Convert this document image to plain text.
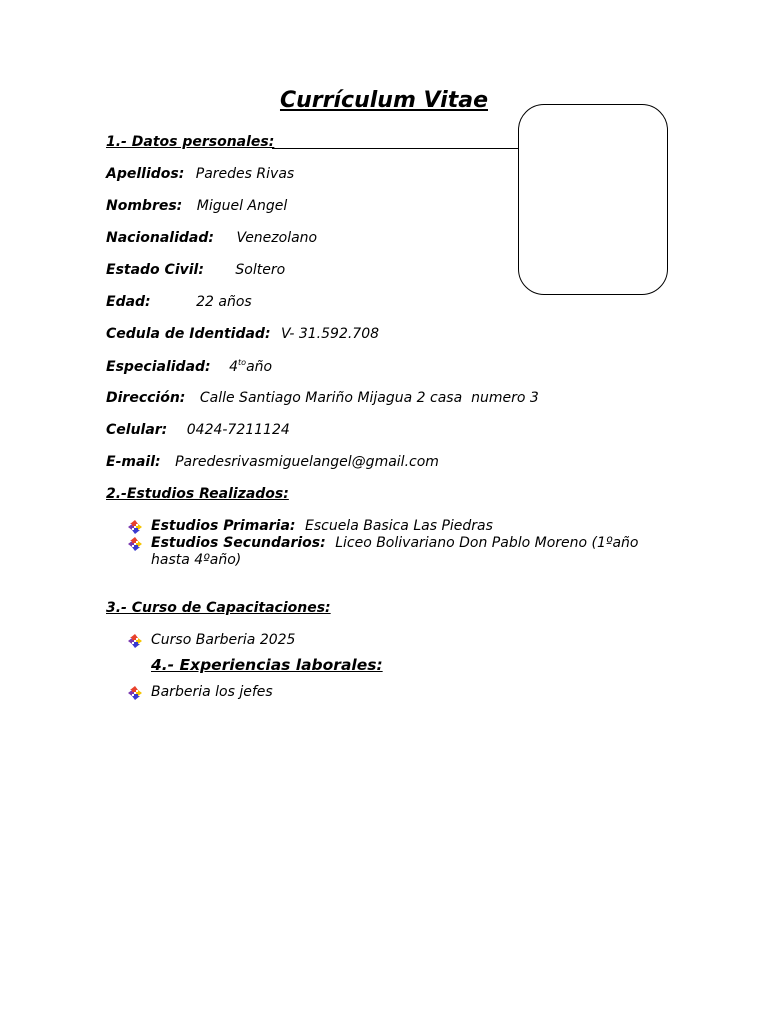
Currículum Vitae

1.- Datos personales:

Apellidos: Paredes Rivas

Nombres: Miguel Angel

Nacionalidad: Venezolano

Estado Civil: Soltero

Edad:	22 años

Cedula de Identidad: V- 31.592.708

Especialidad: $4^{to}año$

Dirección: Calle Santiago Mariño Mijagua 2 casa  numero 3

Celular: 0424-7211124

E-mail: Paredesrivasmiguelangel@gmail.com

2.-Estudios Realizados:

Estudios Primaria: Escuela Basica Las Piedras
Estudios Secundarios: Liceo Bolivariano Don Pablo Moreno (1ºaño hasta 4ºaño)

3.- Curso de Capacitaciones:

Curso Barberia 2025

4.- Experiencias laborales:

Barberia los jefes
